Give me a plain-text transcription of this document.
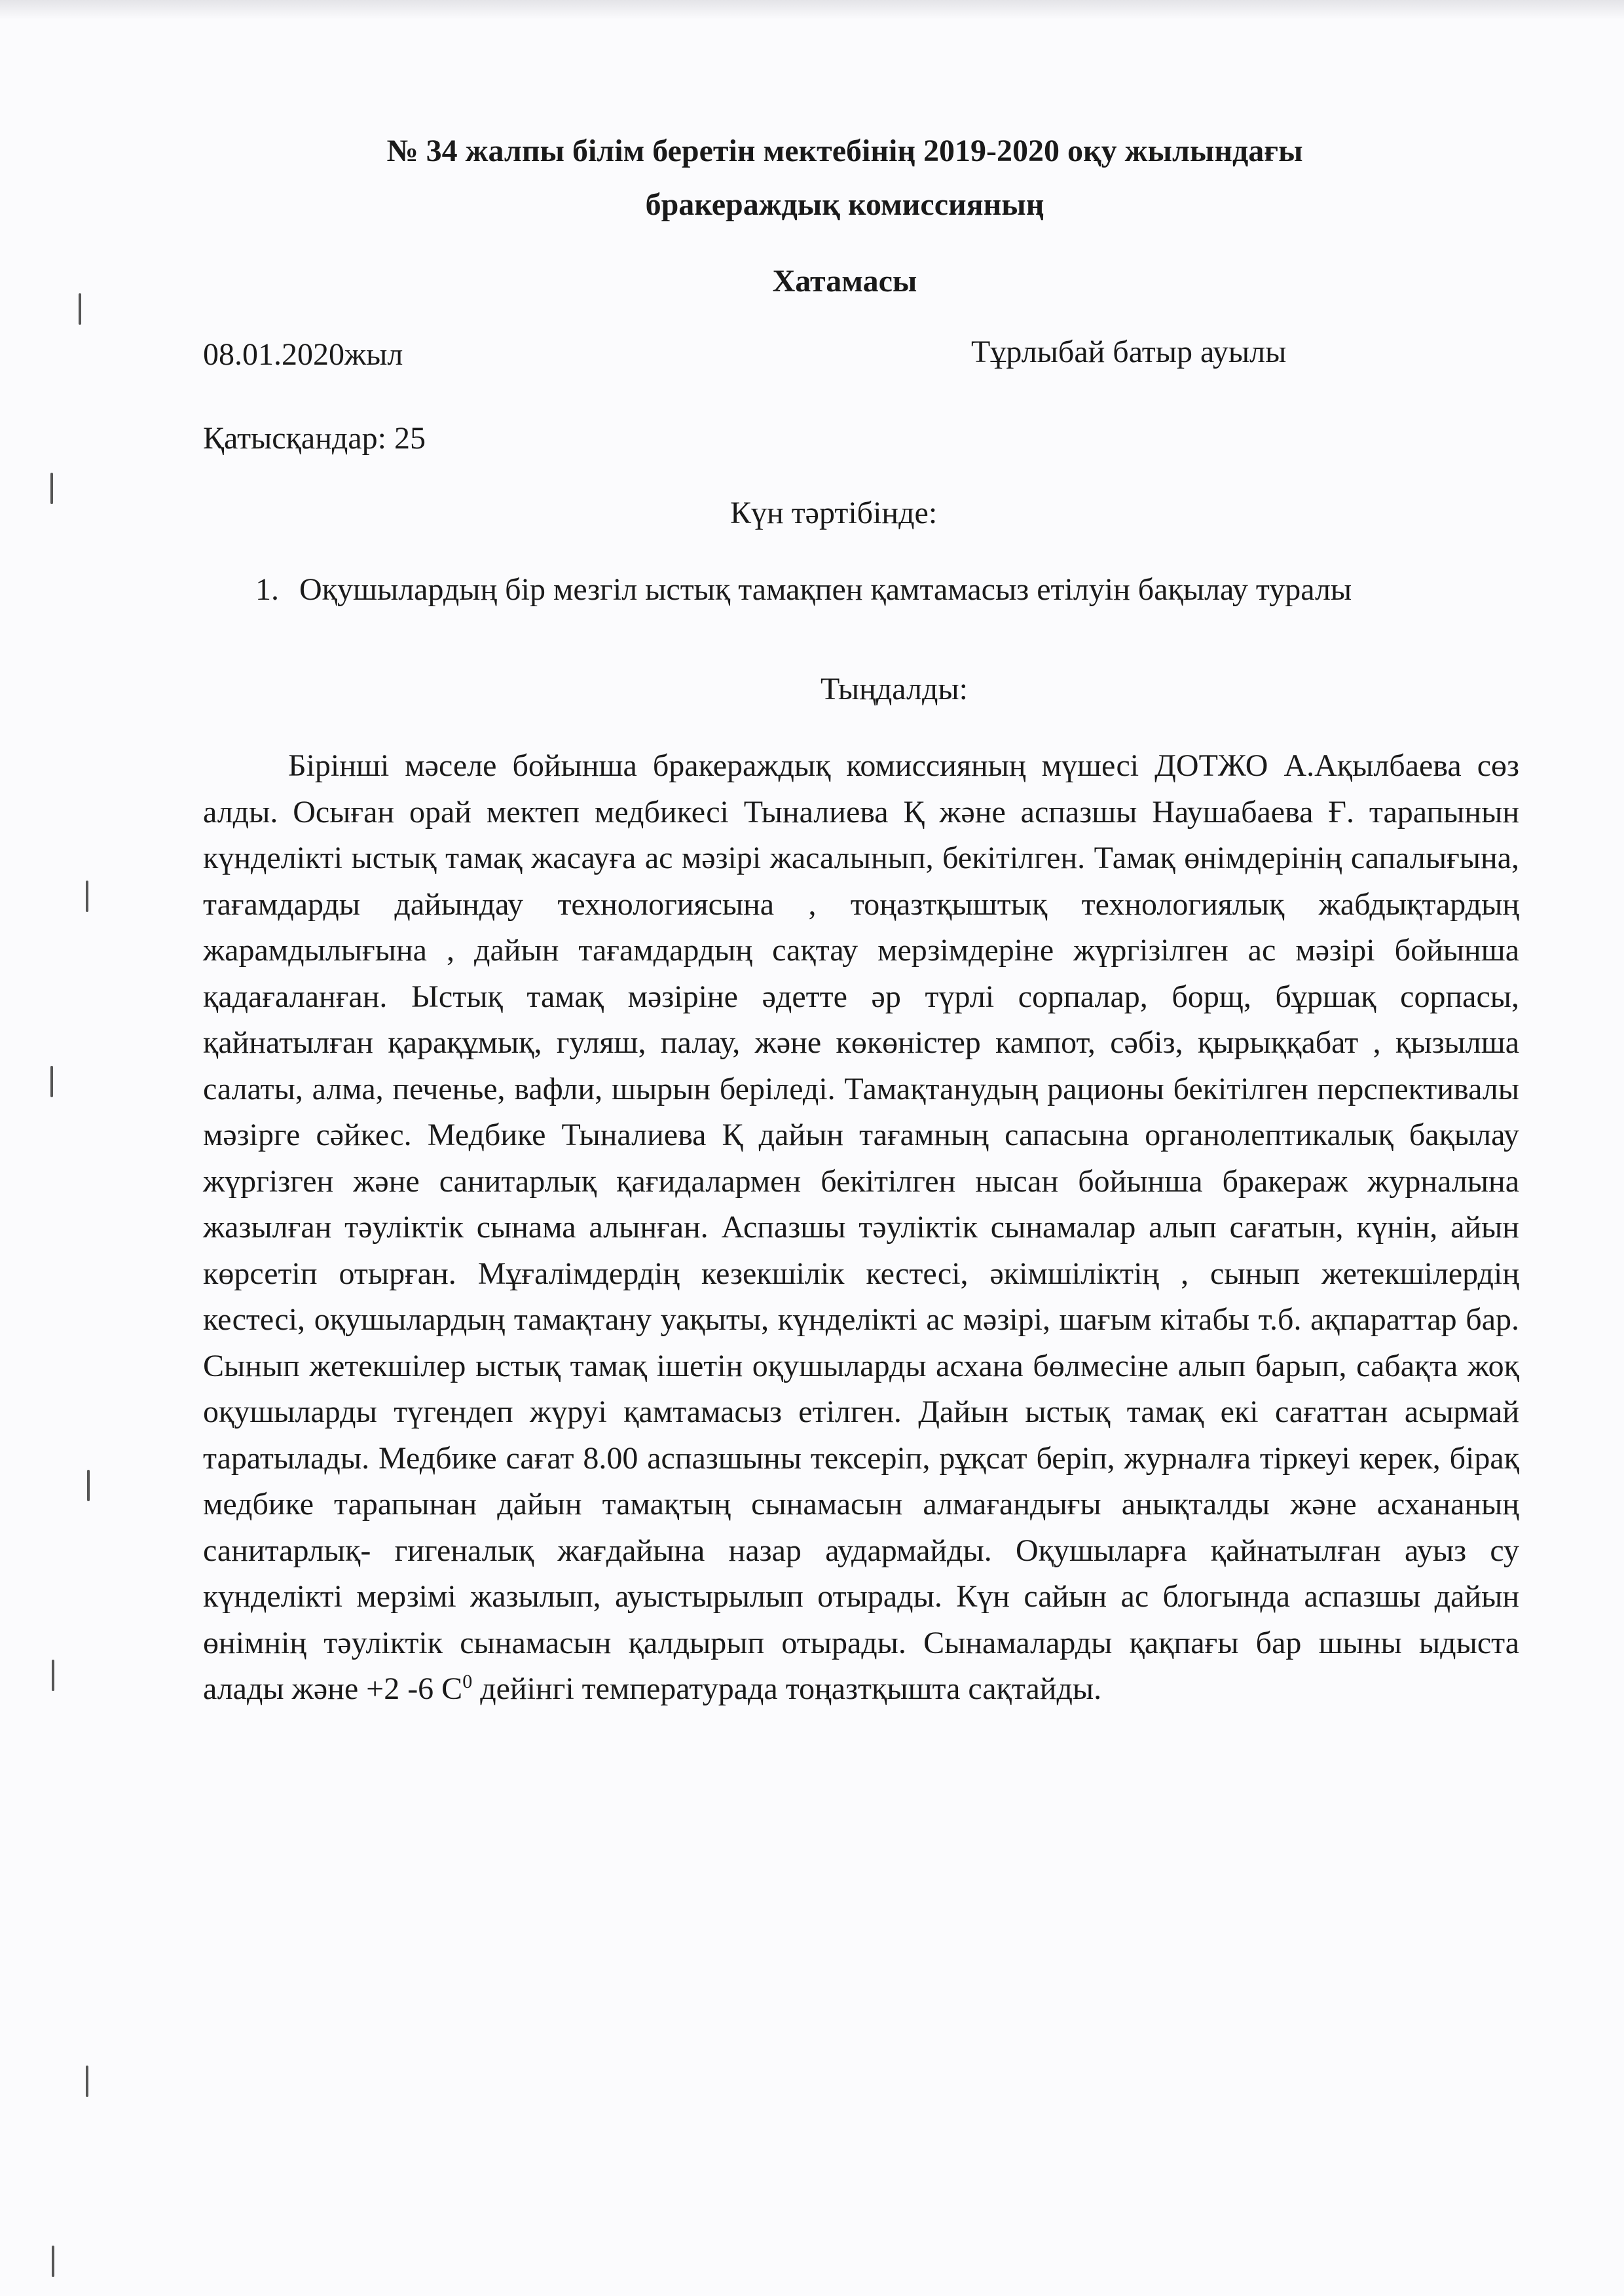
№ 34 жалпы білім беретін мектебінің 2019-2020 оқу жылындағы
бракераждық комиссияның
Хатамасы
08.01.2020жыл	Тұрлыбай батыр ауылы
Қатысқандар: 25
Күн тәртібінде:
1. Оқушылардың бір мезгіл ыстық тамақпен қамтамасыз етілуін бақылау туралы
Тыңдалды:

Бірінші мәселе бойынша бракераждық комиссияның мүшесі ДОТЖО А.Ақылбаева сөз алды. Осыған орай мектеп медбикесі Тыналиева Қ және аспазшы Наушабаева Ғ. тарапынын күнделікті ыстық тамақ жасауға ас мәзірі жасалынып, бекітілген. Тамақ өнімдерінің сапалығына, тағамдарды дайындау технологиясына , тоңазтқыштық технологиялық жабдықтардың жарамдылығына , дайын тағамдардың сақтау мерзімдеріне жүргізілген ас мәзірі бойынша қадағаланған. Ыстық тамақ мәзіріне әдетте әр түрлі сорпалар, борщ, бұршақ сорпасы, қайнатылған қарақұмық, гуляш, палау, және көкөністер кампот, сәбіз, қырыққабат , қызылша салаты, алма, печенье, вафли, шырын беріледі. Тамақтанудың рационы бекітілген перспективалы мәзірге сәйкес. Медбике Тыналиева Қ дайын тағамның сапасына органолептикалық бақылау жүргізген және санитарлық қағидалармен бекітілген нысан бойынша бракераж журналына жазылған тәуліктік сынама алынған. Аспазшы тәуліктік сынамалар алып сағатын, күнін, айын көрсетіп отырған. Мұғалімдердің кезекшілік кестесі, әкімшіліктің , сынып жетекшілердің кестесі, оқушылардың тамақтану уақыты, күнделікті ас мәзірі, шағым кітабы т.б. ақпараттар бар. Сынып жетекшілер ыстық тамақ ішетін оқушыларды асхана бөлмесіне алып барып, сабақта жоқ оқушыларды түгендеп жүруі қамтамасыз етілген. Дайын ыстық тамақ екі сағаттан асырмай таратылады. Медбике сағат 8.00 аспазшыны тексеріп, рұқсат беріп, журналға тіркеуі керек, бірақ медбике тарапынан дайын тамақтың сынамасын алмағандығы анықталды және асхананың санитарлық- гигеналық жағдайына назар аудармайды. Оқушыларға қайнатылған ауыз су күнделікті мерзімі жазылып, ауыстырылып отырады. Күн сайын ас блогында аспазшы дайын өнімнің тәуліктік сынамасын қалдырып отырады. Сынамаларды қақпағы бар шыны ыдыста алады және +2 -6 $С^0$ дейінгі температурада тоңазтқышта сақтайды.
